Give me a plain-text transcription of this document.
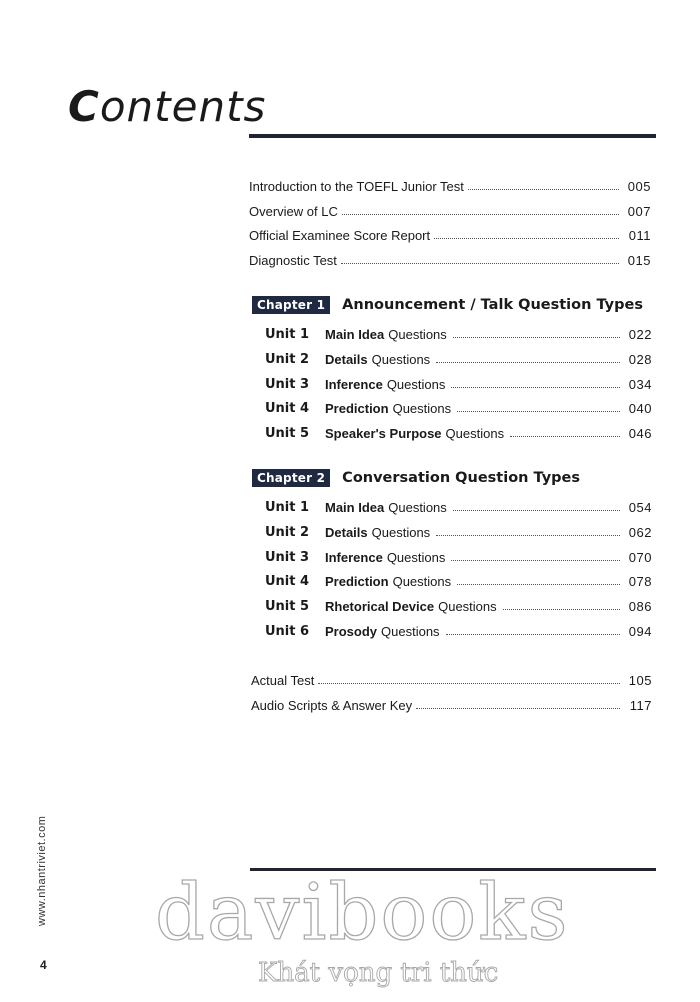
Contents
Introduction to the TOEFL Junior Test	005
Overview of LC	007
Official Examinee Score Report	011
Diagnostic Test	015
Chapter 1	Announcement / Talk Question Types
Unit 1	Main Idea Questions	022
Unit 2	Details Questions	028
Unit 3	Inference Questions	034
Unit 4	Prediction Questions	040
Unit 5	Speaker's Purpose Questions	046
Chapter 2	Conversation Question Types
Unit 1	Main Idea Questions	054
Unit 2	Details Questions	062
Unit 3	Inference Questions	070
Unit 4	Prediction Questions	078
Unit 5	Rhetorical Device Questions	086
Unit 6	Prosody Questions	094
Actual Test	105
Audio Scripts & Answer Key	117
www.nhantriviet.com
4
davibooks
Khát vọng tri thức
